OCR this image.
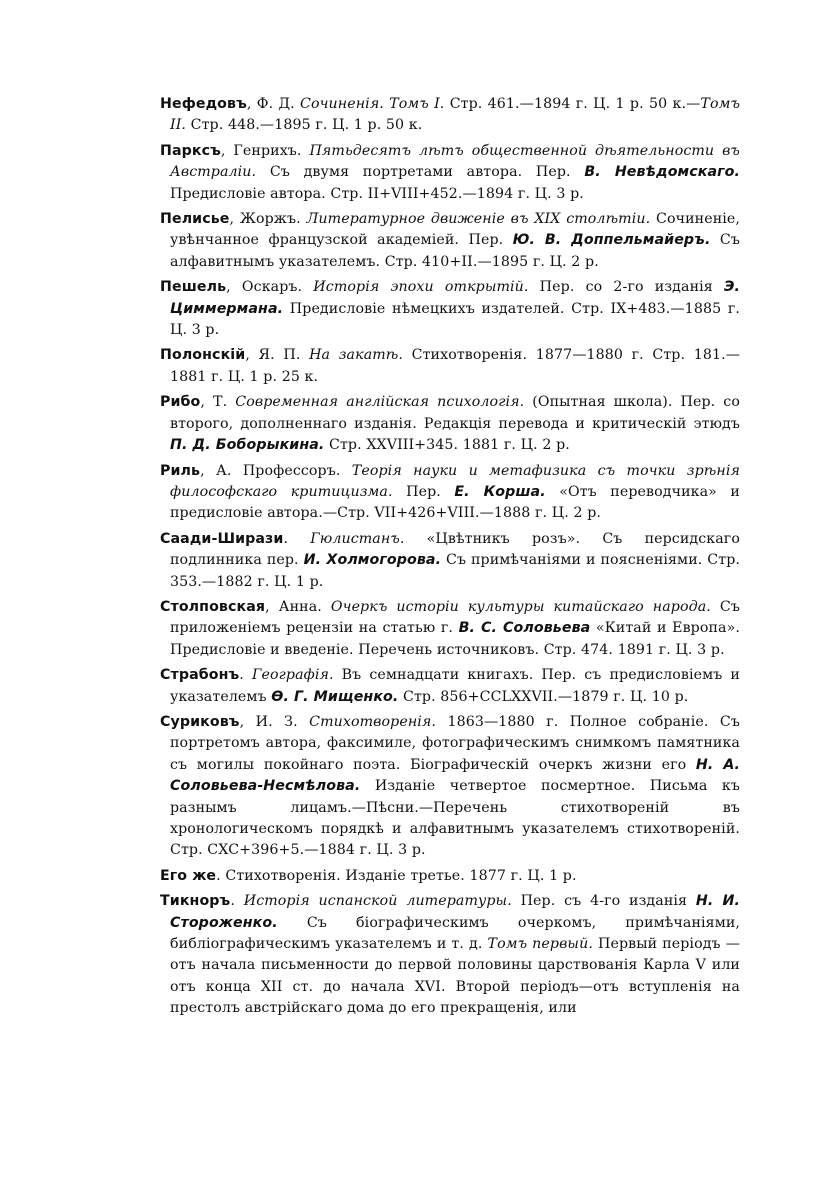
Нефедовъ, Ф. Д. Сочиненія. Томъ I. Стр. 461.—1894 г. Ц. 1 р. 50 к.—Томъ II. Стр. 448.—1895 г. Ц. 1 р. 50 к.

Парксъ, Генрихъ. Пятьдесятъ лѣтъ общественной дѣятельности въ Австраліи. Съ двумя портретами автора. Пер. В. Невѣдомскаго. Предисловіе автора. Стр. II+VIII+452.—1894 г. Ц. 3 р.

Пелисье, Жоржъ. Литературное движеніе въ XIX столѣтіи. Сочиненіе, увѣнчанное французской академіей. Пер. Ю. В. Доппельмайеръ. Съ алфавитнымъ указателемъ. Стр. 410+II.—1895 г. Ц. 2 р.

Пешель, Оскаръ. Исторія эпохи открытій. Пер. со 2-го изданія Э. Циммермана. Предисловіе нѣмецкихъ издателей. Стр. IX+483.—1885 г. Ц. 3 р.

Полонскій, Я. П. На закатѣ. Стихотворенія. 1877—1880 г. Стр. 181.—1881 г. Ц. 1 р. 25 к.

Рибо, Т. Современная англійская психологія. (Опытная школа). Пер. со второго, дополненнаго изданія. Редакція перевода и критическій этюдъ П. Д. Боборыкина. Стр. XXVIII+345. 1881 г. Ц. 2 р.

Риль, А. Профессоръ. Теорія науки и метафизика съ точки зрѣнія философскаго критицизма. Пер. Е. Корша. «Отъ переводчика» и предисловіе автора.—Стр. VII+426+VIII.—1888 г. Ц. 2 р.

Саади-Ширази. Гюлистанъ. «Цвѣтникъ розъ». Съ персидскаго подлинника пер. И. Холмогорова. Съ примѣчаніями и поясненіями. Стр. 353.—1882 г. Ц. 1 р.

Столповская, Анна. Очеркъ исторіи культуры китайскаго народа. Съ приложеніемъ рецензіи на статью г. В. С. Соловьева «Китай и Европа». Предисловіе и введеніе. Перечень источниковъ. Стр. 474. 1891 г. Ц. 3 р.

Страбонъ. Географія. Въ семнадцати книгахъ. Пер. съ предисловіемъ и указателемъ Ѳ. Г. Мищенко. Стр. 856+CCLXXVII.—1879 г. Ц. 10 р.

Суриковъ, И. З. Стихотворенія. 1863—1880 г. Полное собраніе. Съ портретомъ автора, факсимиле, фотографическимъ снимкомъ памятника съ могилы покойнаго поэта. Біографическій очеркъ жизни его Н. А. Соловьева-Несмѣлова. Изданіе четвертое посмертное. Письма къ разнымъ лицамъ.—Пѣсни.—Перечень стихотвореній въ хронологическомъ порядкѣ и алфавитнымъ указателемъ стихотвореній. Стр. CXC+396+5.—1884 г. Ц. 3 р.

Его же. Стихотворенія. Изданіе третье. 1877 г. Ц. 1 р.

Тикноръ. Исторія испанской литературы. Пер. съ 4-го изданія Н. И. Стороженко. Съ біографическимъ очеркомъ, примѣчаніями, библіографическимъ указателемъ и т. д. Томъ первый. Первый періодъ — отъ начала письменности до первой половины царствованія Карла V или отъ конца XII ст. до начала XVI. Второй періодъ—отъ вступленія на престолъ австрійскаго дома до его прекращенія, или
